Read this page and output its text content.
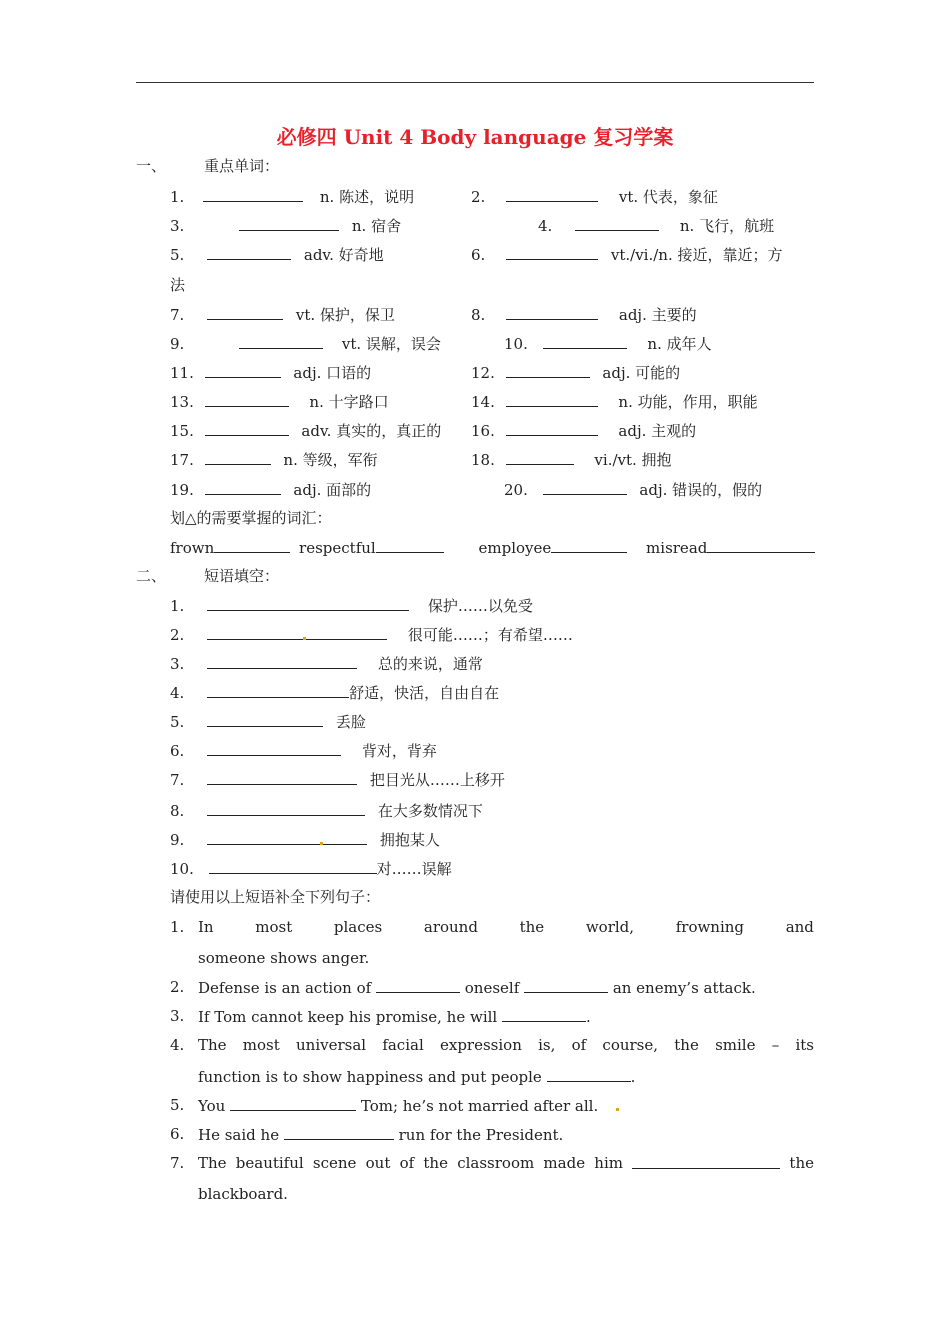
必修四 Unit 4 Body language 复习学案
一、	重点单词：
1.	n. 陈述，说明	2.	vt. 代表，象征
3.	n. 宿舍	4.	n. 飞行，航班
5.	adv. 好奇地	6.	vt./vi./n. 接近，靠近；方
法
7.	vt. 保护，保卫	8.	adj. 主要的
9.	vt. 误解，误会	10.	n. 成年人
11.	adj. 口语的	12.	adj. 可能的
13.	n. 十字路口	14.	n. 功能，作用，职能
15.	adv. 真实的，真正的 16.	adj. 主观的
17.	n. 等级，军衔	18.	vi./vt. 拥抱
19.	adj. 面部的	20.	adj. 错误的，假的
划△的需要掌握的词汇：
frown	respectful	employee	misread
二、	短语填空：
1.	保护……以免受
2.	很可能……；有希望……
3.	总的来说，通常
4.	舒适，快活，自由自在
5.	丢脸
6.	背对，背弃
7.	把目光从……上移开
8.	在大多数情况下
9.	拥抱某人
10.	对……误解
请使用以上短语补全下列句子：
1. In	most	places	around	the	world,	frowning	and
someone shows anger.
2. Defense is an action of	oneself	an enemy’s attack.
3. If Tom cannot keep his promise, he will	.
4. The most universal facial expression is, of course, the smile – its
function is to show happiness and put people	.
5. You	Tom; he’s not married after all.
6. He said he	run for the President.
7. The beautiful scene out of the classroom made him	the
blackboard.
